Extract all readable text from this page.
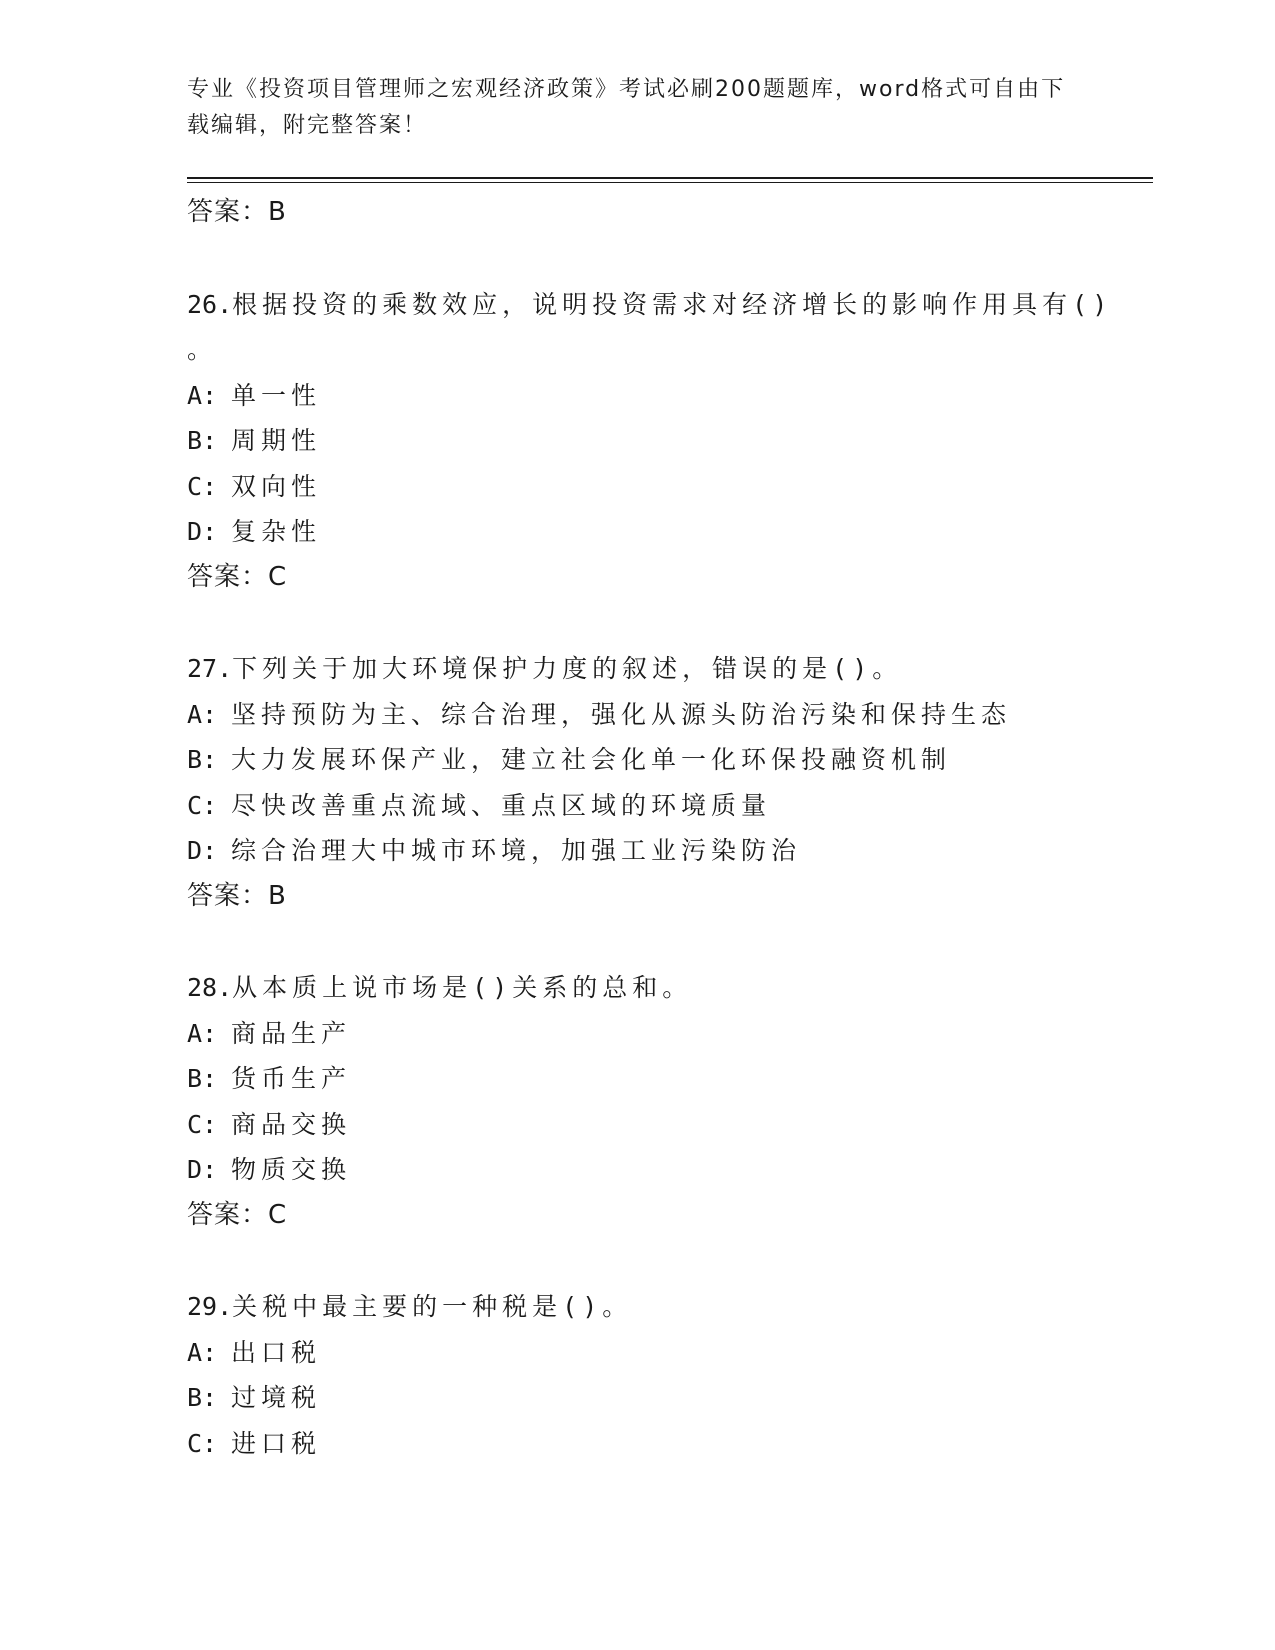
专业《投资项目管理师之宏观经济政策》考试必刷200题题库，word格式可自由下载编辑，附完整答案！
答案：B
26.根据投资的乘数效应，说明投资需求对经济增长的影响作用具有()
。
A: 单一性
B: 周期性
C: 双向性
D: 复杂性
答案：C
27.下列关于加大环境保护力度的叙述，错误的是()。
A: 坚持预防为主、综合治理，强化从源头防治污染和保持生态
B: 大力发展环保产业，建立社会化单一化环保投融资机制
C: 尽快改善重点流域、重点区域的环境质量
D: 综合治理大中城市环境，加强工业污染防治
答案：B
28.从本质上说市场是()关系的总和。
A: 商品生产
B: 货币生产
C: 商品交换
D: 物质交换
答案：C
29.关税中最主要的一种税是()。
A: 出口税
B: 过境税
C: 进口税
